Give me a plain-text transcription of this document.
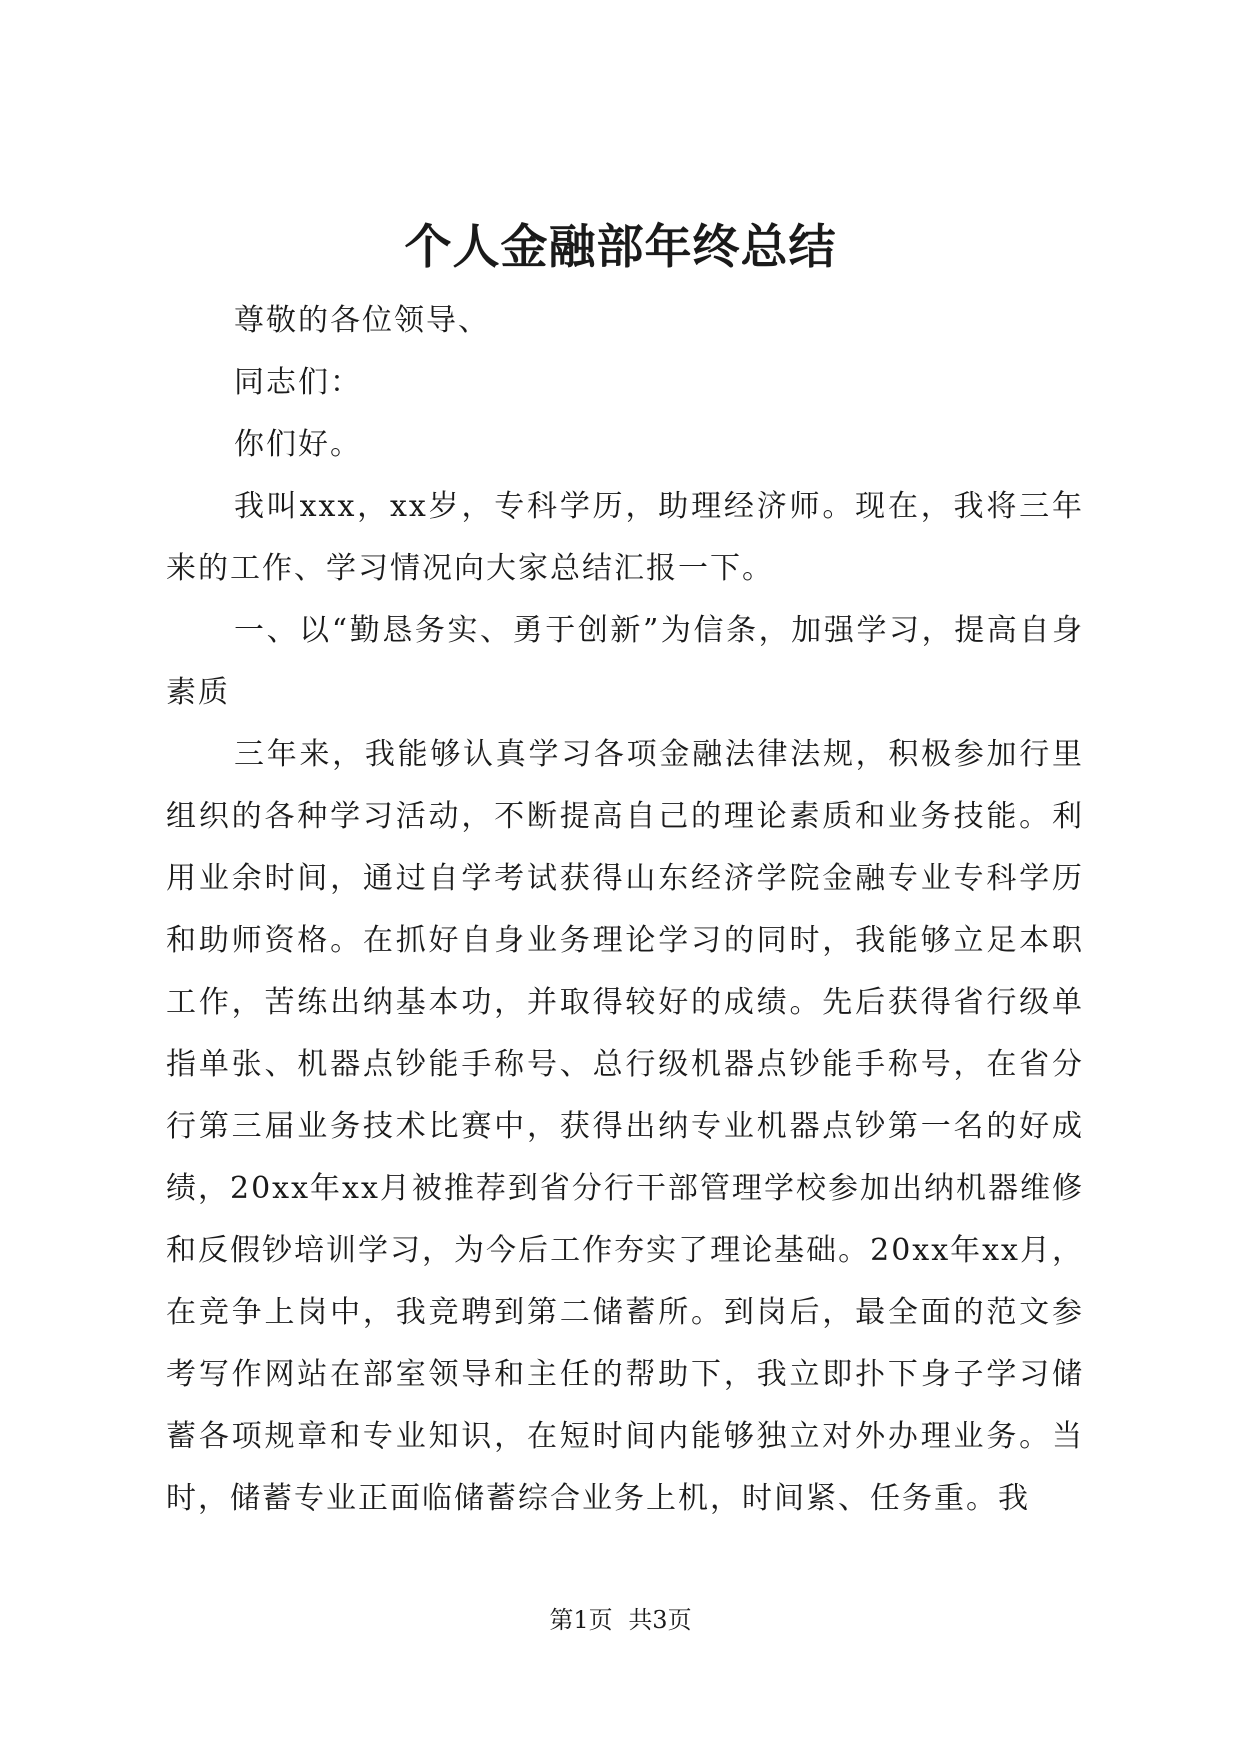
个人金融部年终总结

尊敬的各位领导、

同志们：

你们好。

我叫xxx，xx岁，专科学历，助理经济师。现在，我将三年来的工作、学习情况向大家总结汇报一下。

一、以“勤恳务实、勇于创新”为信条，加强学习，提高自身素质

三年来，我能够认真学习各项金融法律法规，积极参加行里组织的各种学习活动，不断提高自己的理论素质和业务技能。利用业余时间，通过自学考试获得山东经济学院金融专业专科学历和助师资格。在抓好自身业务理论学习的同时，我能够立足本职工作，苦练出纳基本功，并取得较好的成绩。先后获得省行级单指单张、机器点钞能手称号、总行级机器点钞能手称号，在省分行第三届业务技术比赛中，获得出纳专业机器点钞第一名的好成绩，20xx年xx月被推荐到省分行干部管理学校参加出纳机器维修和反假钞培训学习，为今后工作夯实了理论基础。20xx年xx月，在竞争上岗中，我竞聘到第二储蓄所。到岗后，最全面的范文参考写作网站在部室领导和主任的帮助下，我立即扑下身子学习储蓄各项规章和专业知识，在短时间内能够独立对外办理业务。当时，储蓄专业正面临储蓄综合业务上机，时间紧、任务重。我

第1页 共3页
